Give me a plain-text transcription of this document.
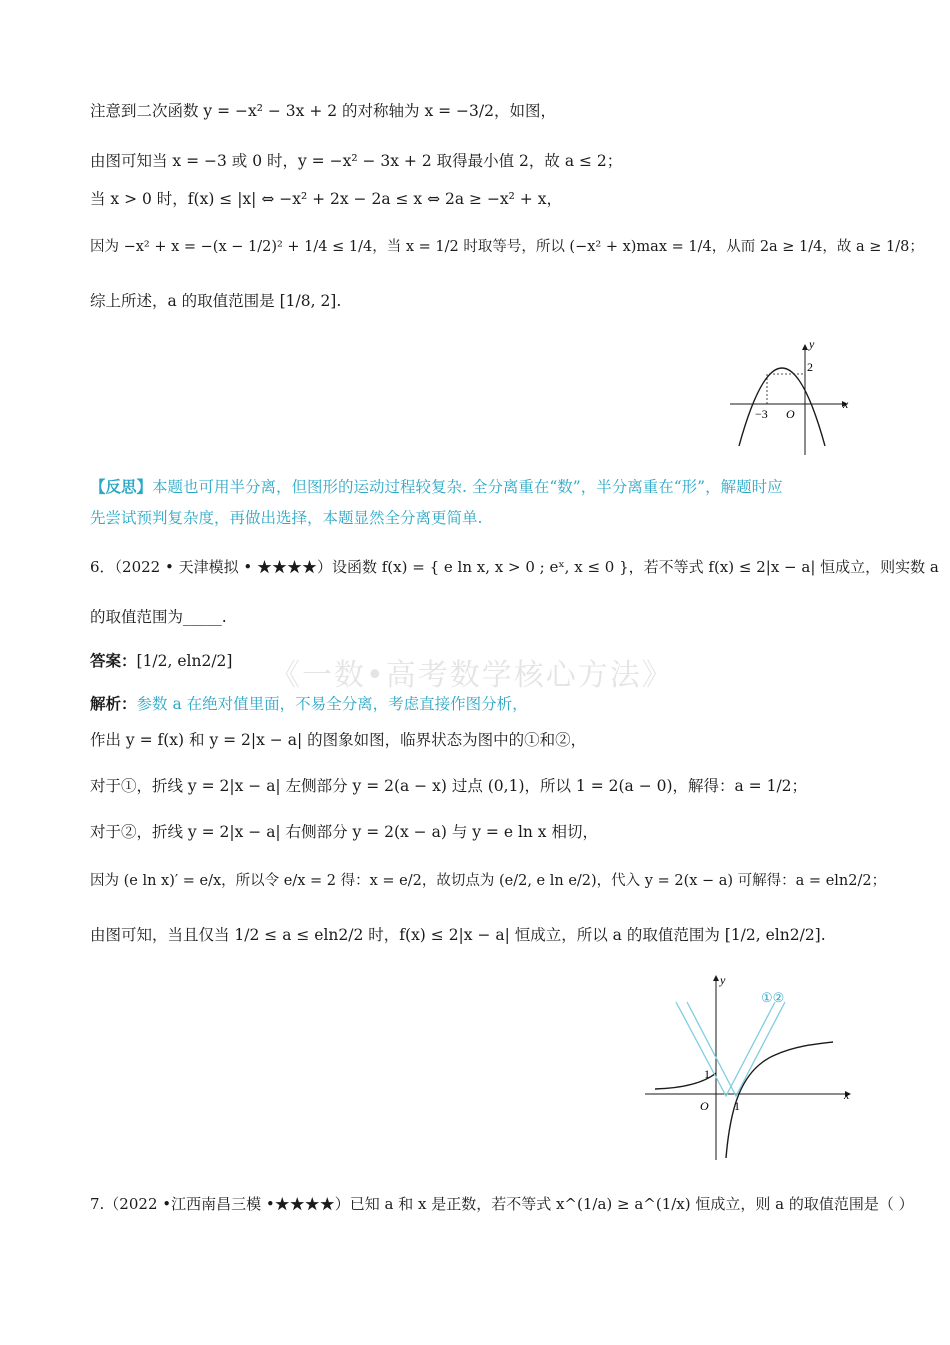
《一数•高考数学核心方法》
注意到二次函数 y = −x² − 3x + 2 的对称轴为 x = −3/2，如图，
由图可知当 x = −3 或 0 时，y = −x² − 3x + 2 取得最小值 2，故 a ≤ 2；
当 x > 0 时，f(x) ≤ |x| ⇔ −x² + 2x − 2a ≤ x ⇔ 2a ≥ −x² + x，
因为 −x² + x = −(x − 1/2)² + 1/4 ≤ 1/4，当 x = 1/2 时取等号，所以 (−x² + x)max = 1/4，从而 2a ≥ 1/4，故 a ≥ 1/8；
综上所述，a 的取值范围是 [1/8, 2].
y
x
2
−3 O
【反思】本题也可用半分离，但图形的运动过程较复杂. 全分离重在“数”，半分离重在“形”，解题时应
先尝试预判复杂度，再做出选择，本题显然全分离更简单.
6．（2022 • 天津模拟 • ★★★★）设函数 f(x) = { e ln x, x > 0 ; eˣ, x ≤ 0 }，若不等式 f(x) ≤ 2|x − a| 恒成立，则实数 a
的取值范围为_____.
答案：[1/2, eln2/2]
解析：参数 a 在绝对值里面，不易全分离，考虑直接作图分析，
作出 y = f(x) 和 y = 2|x − a| 的图象如图，临界状态为图中的①和②，
对于①，折线 y = 2|x − a| 左侧部分 y = 2(a − x) 过点 (0,1)，所以 1 = 2(a − 0)，解得：a = 1/2；
对于②，折线 y = 2|x − a| 右侧部分 y = 2(x − a) 与 y = e ln x 相切，
因为 (e ln x)′ = e/x，所以令 e/x = 2 得：x = e/2，故切点为 (e/2, e ln e/2)，代入 y = 2(x − a) 可解得：a = eln2/2；
由图可知，当且仅当 1/2 ≤ a ≤ eln2/2 时，f(x) ≤ 2|x − a| 恒成立，所以 a 的取值范围为 [1/2, eln2/2].
y
x
O
1
1
①②
7.（2022 •江西南昌三模 •★★★★）已知 a 和 x 是正数，若不等式 x^(1/a) ≥ a^(1/x) 恒成立，则 a 的取值范围是（ ）
